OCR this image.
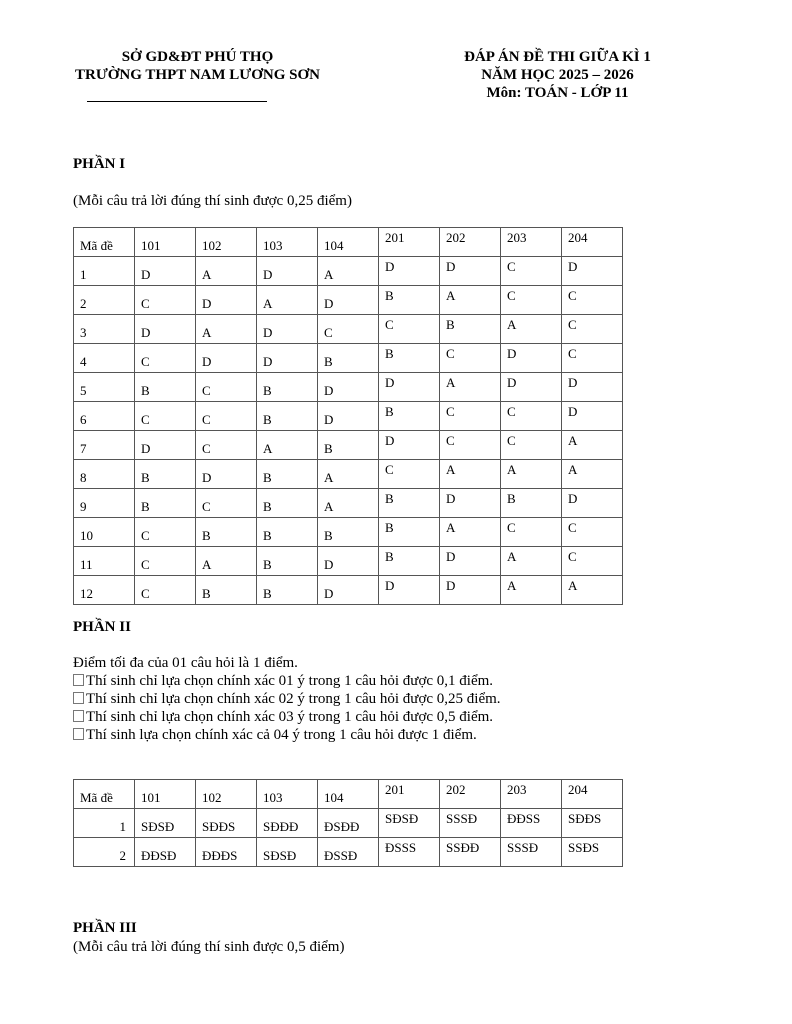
SỞ GD&ĐT PHÚ THỌ
TRƯỜNG THPT NAM LƯƠNG SƠN
ĐÁP ÁN ĐỀ THI GIỮA KÌ 1
NĂM HỌC 2025 – 2026
Môn: TOÁN - LỚP 11
PHẦN I
(Mỗi câu trả lời đúng thí sinh được 0,25 điểm)
Mã đề	101	102	103	104	201	202	203	204
1	D	A	D	A	D	D	C	D
2	C	D	A	D	B	A	C	C
3	D	A	D	C	C	B	A	C
4	C	D	D	B	B	C	D	C
5	B	C	B	D	D	A	D	D
6	C	C	B	D	B	C	C	D
7	D	C	A	B	D	C	C	A
8	B	D	B	A	C	A	A	A
9	B	C	B	A	B	D	B	D
10	C	B	B	B	B	A	C	C
11	C	A	B	D	B	D	A	C
12	C	B	B	D	D	D	A	A
PHẦN II
Điểm tối đa của 01 câu hỏi là 1 điểm.
Thí sinh chỉ lựa chọn chính xác 01 ý trong 1 câu hỏi được 0,1 điểm.
Thí sinh chỉ lựa chọn chính xác 02 ý trong 1 câu hỏi được 0,25 điểm.
Thí sinh chỉ lựa chọn chính xác 03 ý trong 1 câu hỏi được 0,5 điểm.
Thí sinh lựa chọn chính xác cả 04 ý trong 1 câu hỏi được 1 điểm.
Mã đề	101	102	103	104	201	202	203	204
1	SĐSĐ	SĐĐS	SĐĐĐ	ĐSĐĐ	SĐSĐ	SSSĐ	ĐĐSS	SĐĐS
2	ĐĐSĐ	ĐĐĐS	SĐSĐ	ĐSSĐ	ĐSSS	SSĐĐ	SSSĐ	SSĐS
PHẦN III
(Mỗi câu trả lời đúng thí sinh được 0,5 điểm)
